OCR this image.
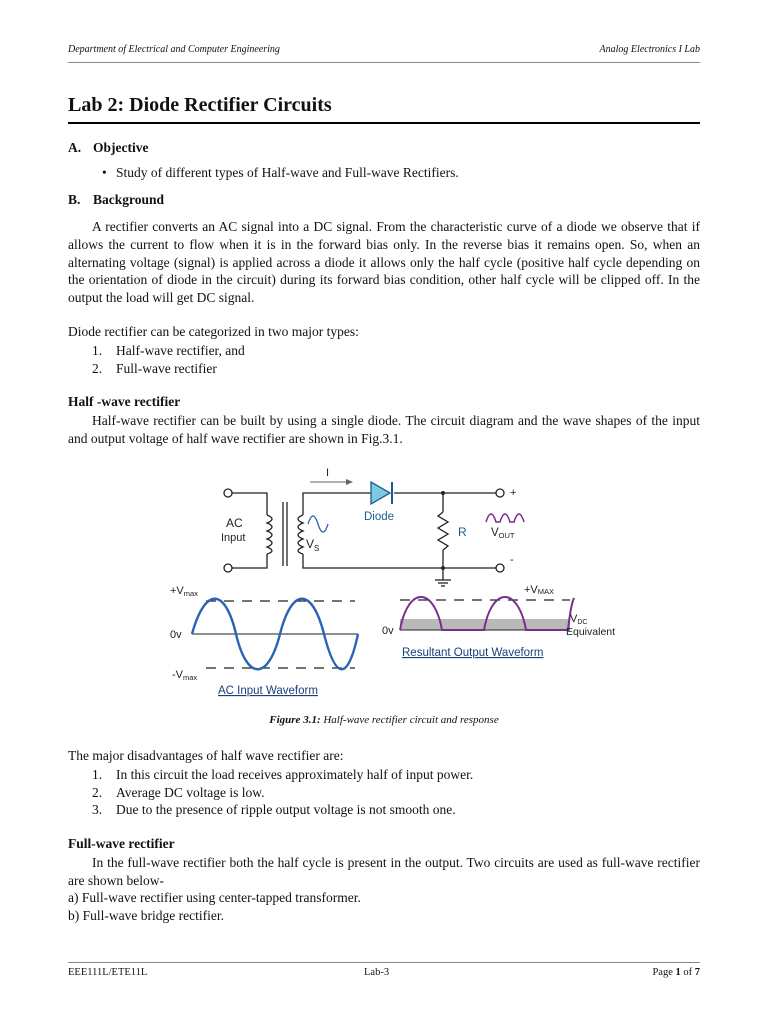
Department of Electrical and Computer Engineering	Analog Electronics I Lab
Lab 2: Diode Rectifier Circuits
A. Objective
• Study of different types of Half-wave and Full-wave Rectifiers.
B. Background

A rectifier converts an AC signal into a DC signal. From the characteristic curve of a diode we observe that if allows the current to flow when it is in the forward bias only. In the reverse bias it remains open. So, when an alternating voltage (signal) is applied across a diode it allows only the half cycle (positive half cycle depending on the orientation of diode in the circuit) during its forward bias condition, other half cycle will be clipped off. In the output the load will get DC signal.

Diode rectifier can be categorized in two major types:
1. Half-wave rectifier, and
2. Full-wave rectifier
Half -wave rectifier

Half-wave rectifier can be built by using a single diode. The circuit diagram and the wave shapes of the input and output voltage of half wave rectifier are shown in Fig.3.1.

I
Diode
AC
Input	$V_S$
R VOUT
+
-
+Vmax
0v
-Vmax
AC Input Waveform
+VMAX
0v
VDC
Equivalent
Resultant Output Waveform
Figure 3.1: Half-wave rectifier circuit and response
The major disadvantages of half wave rectifier are:
1. In this circuit the load receives approximately half of input power.
2. Average DC voltage is low.
3. Due to the presence of ripple output voltage is not smooth one.
Full-wave rectifier

In the full-wave rectifier both the half cycle is present in the output. Two circuits are used as full-wave rectifier are shown below-

a) Full-wave rectifier using center-tapped transformer.
b) Full-wave bridge rectifier.
EEE111L/ETE11L	Lab-3	Page 1 of 7
